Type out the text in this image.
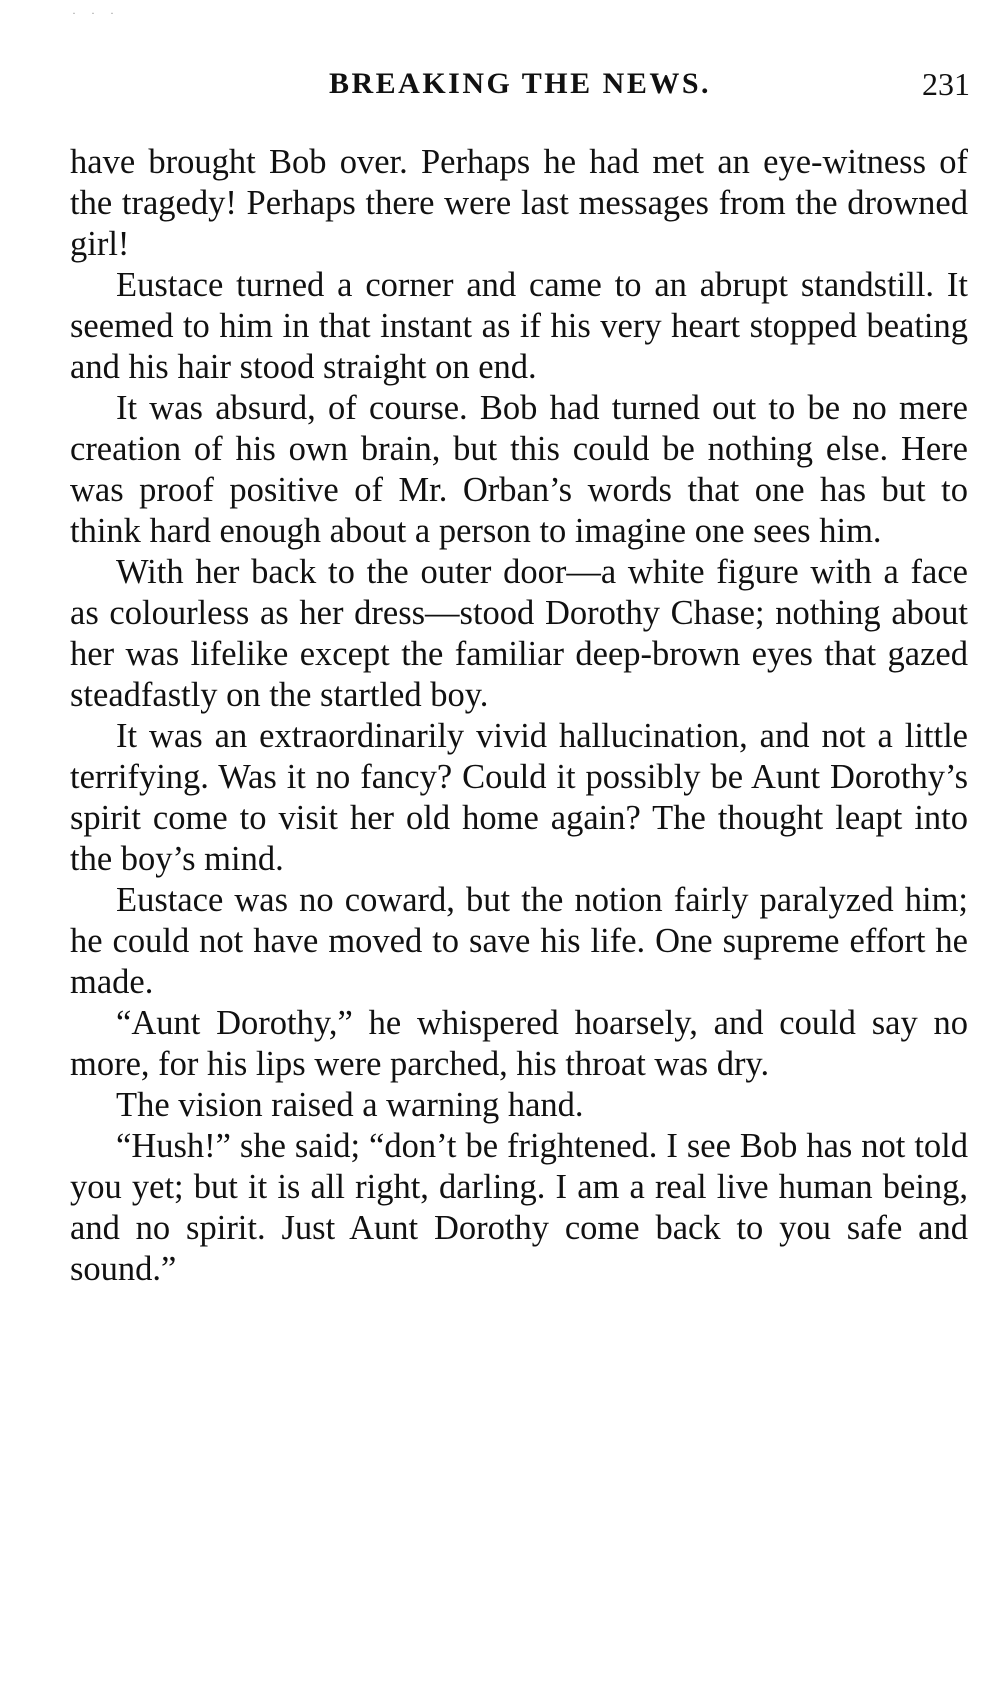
· · ·
BREAKING THE NEWS.	231

have brought Bob over. Perhaps he had met an eye-witness of the tragedy! Perhaps there were last messages from the drowned girl!

Eustace turned a corner and came to an abrupt standstill. It seemed to him in that instant as if his very heart stopped beating and his hair stood straight on end.

It was absurd, of course. Bob had turned out to be no mere creation of his own brain, but this could be nothing else. Here was proof positive of Mr. Orban’s words that one has but to think hard enough about a person to imagine one sees him.

With her back to the outer door—a white figure with a face as colourless as her dress—stood Dorothy Chase; nothing about her was lifelike except the familiar deep-brown eyes that gazed steadfastly on the startled boy.

It was an extraordinarily vivid hallucination, and not a little terrifying. Was it no fancy? Could it possibly be Aunt Dorothy’s spirit come to visit her old home again? The thought leapt into the boy’s mind.

Eustace was no coward, but the notion fairly paralyzed him; he could not have moved to save his life. One supreme effort he made.

“Aunt Dorothy,” he whispered hoarsely, and could say no more, for his lips were parched, his throat was dry.

The vision raised a warning hand.

“Hush!” she said; “don’t be frightened. I see Bob has not told you yet; but it is all right, darling. I am a real live human being, and no spirit. Just Aunt Dorothy come back to you safe and sound.”
